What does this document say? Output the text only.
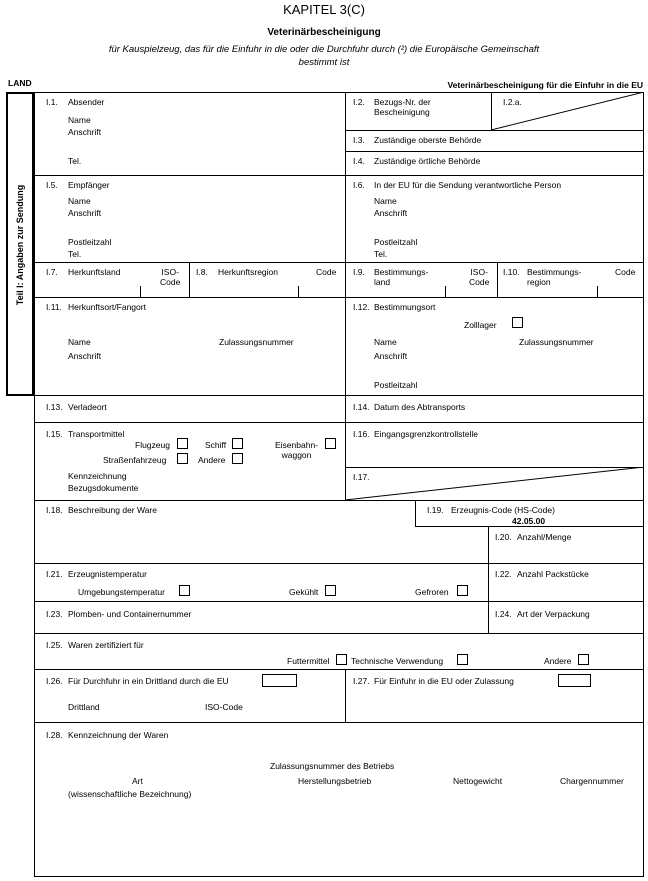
KAPITEL 3(C)
Veterinärbescheinigung
für Kauspielzeug, das für die Einfuhr in die oder die Durchfuhr durch (²) die Europäische Gemeinschaft
bestimmt ist
LAND	Veterinärbescheinigung für die Einfuhr in die EU
Teil I: Angaben zur Sendung
I.1. Absender
Name
Anschrift
Tel.
I.2. Bezugs-Nr. der
Bescheinigung
I.2.a.
I.3. Zuständige oberste Behörde
I.4. Zuständige örtliche Behörde
I.5. Empfänger
Name
Anschrift
Postleitzahl
Tel.
I.6. In der EU für die Sendung verantwortliche Person
Name
Anschrift
Postleitzahl
Tel.
I.7. Herkunftsland	ISO-
Code
I.8. Herkunftsregion	Code I.9. Bestimmungs-
land
ISO-
Code
I.10. Bestimmungs-
region
Code
I.11. Herkunftsort/Fangort
Name	Zulassungsnummer
Anschrift
I.12. Bestimmungsort
Zolllager
Name	Zulassungsnummer
Anschrift
Postleitzahl
I.13. Verladeort	I.14. Datum des Abtransports
I.15. Transportmittel
Flugzeug	Schiff	Eisenbahn-
waggon
Straßenfahrzeug	Andere
Kennzeichnung
Bezugsdokumente
I.16. Eingangsgrenzkontrollstelle
I.17.
I.18. Beschreibung der Ware	I.19. Erzeugnis-Code (HS-Code)
42.05.00
I.20. Anzahl/Menge
I.21. Erzeugnistemperatur
Umgebungstemperatur	Gekühlt	Gefroren
I.22. Anzahl Packstücke
I.23. Plomben- und Containernummer	I.24. Art der Verpackung
I.25. Waren zertifiziert für
Futtermittel	Technische Verwendung	Andere
I.26. Für Durchfuhr in ein Drittland durch die EU
Drittland	ISO-Code
I.27. Für Einfuhr in die EU oder Zulassung
I.28. Kennzeichnung der Waren
Zulassungsnummer des Betriebs
Art
(wissenschaftliche Bezeichnung)
Herstellungsbetrieb	Nettogewicht	Chargennummer
